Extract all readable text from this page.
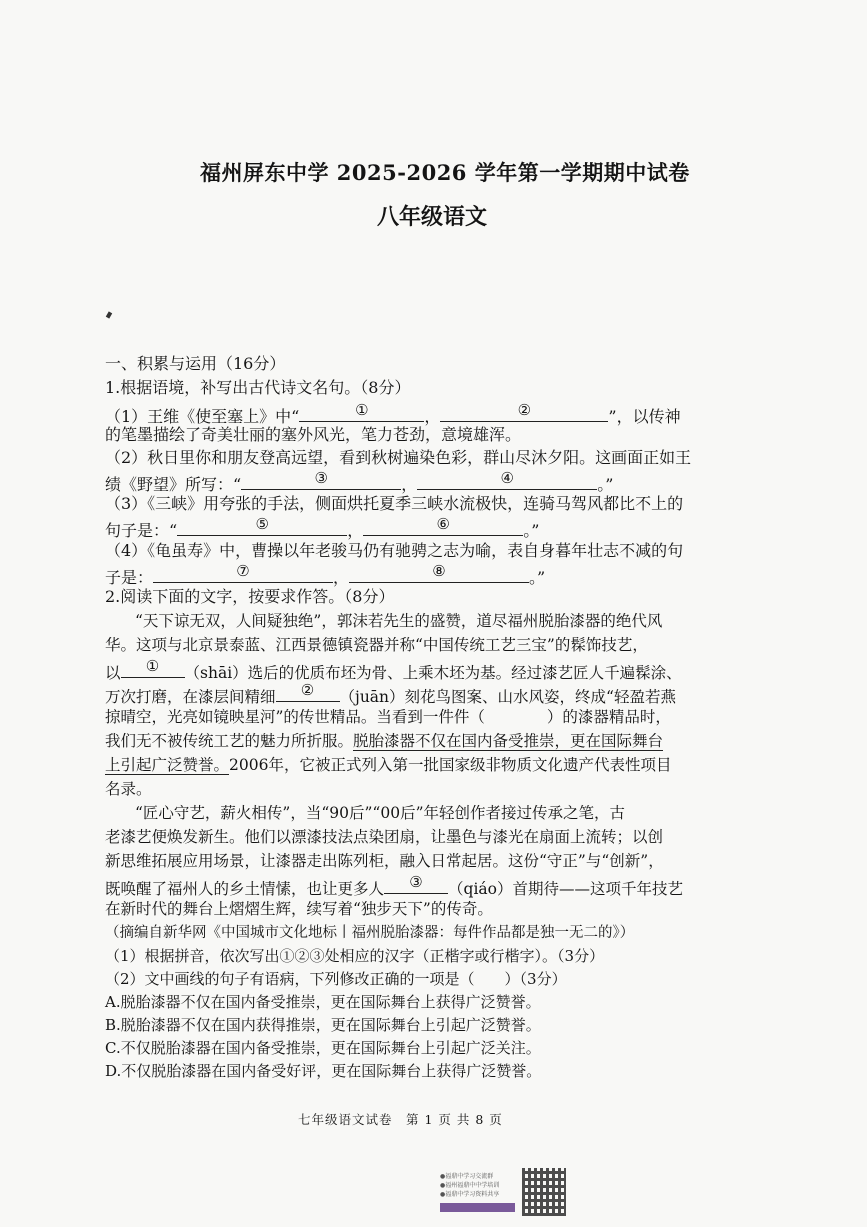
福州屏东中学 2025-2026 学年第一学期期中试卷
八年级语文
一、积累与运用（16分）
1.根据语境，补写出古代诗文名句。（8分）
（1）王维《使至塞上》中“	①	，	②	”，以传神
的笔墨描绘了奇美壮丽的塞外风光，笔力苍劲，意境雄浑。
（2）秋日里你和朋友登高远望，看到秋树遍染色彩，群山尽沐夕阳。这画面正如王
绩《野望》所写：“	③	，	④	。”
（3）《三峡》用夸张的手法，侧面烘托夏季三峡水流极快，连骑马驾风都比不上的
句子是：“	⑤	，	⑥	。”
（4）《龟虽寿》中，曹操以年老骏马仍有驰骋之志为喻，表自身暮年壮志不减的句
子是：	⑦	，	⑧	。”
2.阅读下面的文字，按要求作答。（8分）
“天下谅无双，人间疑独绝”，郭沫若先生的盛赞，道尽福州脱胎漆器的绝代风
华。这项与北京景泰蓝、江西景德镇瓷器并称“中国传统工艺三宝”的髹饰技艺，
以 ① （shāi）选后的优质布坯为骨、上乘木坯为基。经过漆艺匠人千遍髹涂、
万次打磨，在漆层间精细 ② （juān）刻花鸟图案、山水风姿，终成“轻盈若燕
掠晴空，光亮如镜映星河”的传世精品。当看到一件件（　　　　）的漆器精品时，
我们无不被传统工艺的魅力所折服。脱胎漆器不仅在国内备受推崇，更在国际舞台
上引起广泛赞誉。2006年，它被正式列入第一批国家级非物质文化遗产代表性项目
名录。
“匠心守艺，薪火相传”，当“90后”“00后”年轻创作者接过传承之笔，古
老漆艺便焕发新生。他们以漂漆技法点染团扇，让墨色与漆光在扇面上流转；以创
新思维拓展应用场景，让漆器走出陈列柜，融入日常起居。这份“守正”与“创新”，
既唤醒了福州人的乡土情愫，也让更多人 ③ （qiáo）首期待——这项千年技艺
在新时代的舞台上熠熠生辉，续写着“独步天下”的传奇。
（摘编自新华网《中国城市文化地标丨福州脱胎漆器：每件作品都是独一无二的》）
（1）根据拼音，依次写出①②③处相应的汉字（正楷字或行楷字）。（3分）
（2）文中画线的句子有语病，下列修改正确的一项是（　　）（3分）
A.脱胎漆器不仅在国内备受推崇，更在国际舞台上获得广泛赞誉。
B.脱胎漆器不仅在国内获得推崇，更在国际舞台上引起广泛赞誉。
C.不仅脱胎漆器在国内备受推崇，更在国际舞台上引起广泛关注。
D.不仅脱胎漆器在国内备受好评，更在国际舞台上获得广泛赞誉。
七年级语文试卷　第 1 页 共 8 页
●福鼎中学习交流群
●福州福鼎中中学培训
●福鼎中学习资料共享
